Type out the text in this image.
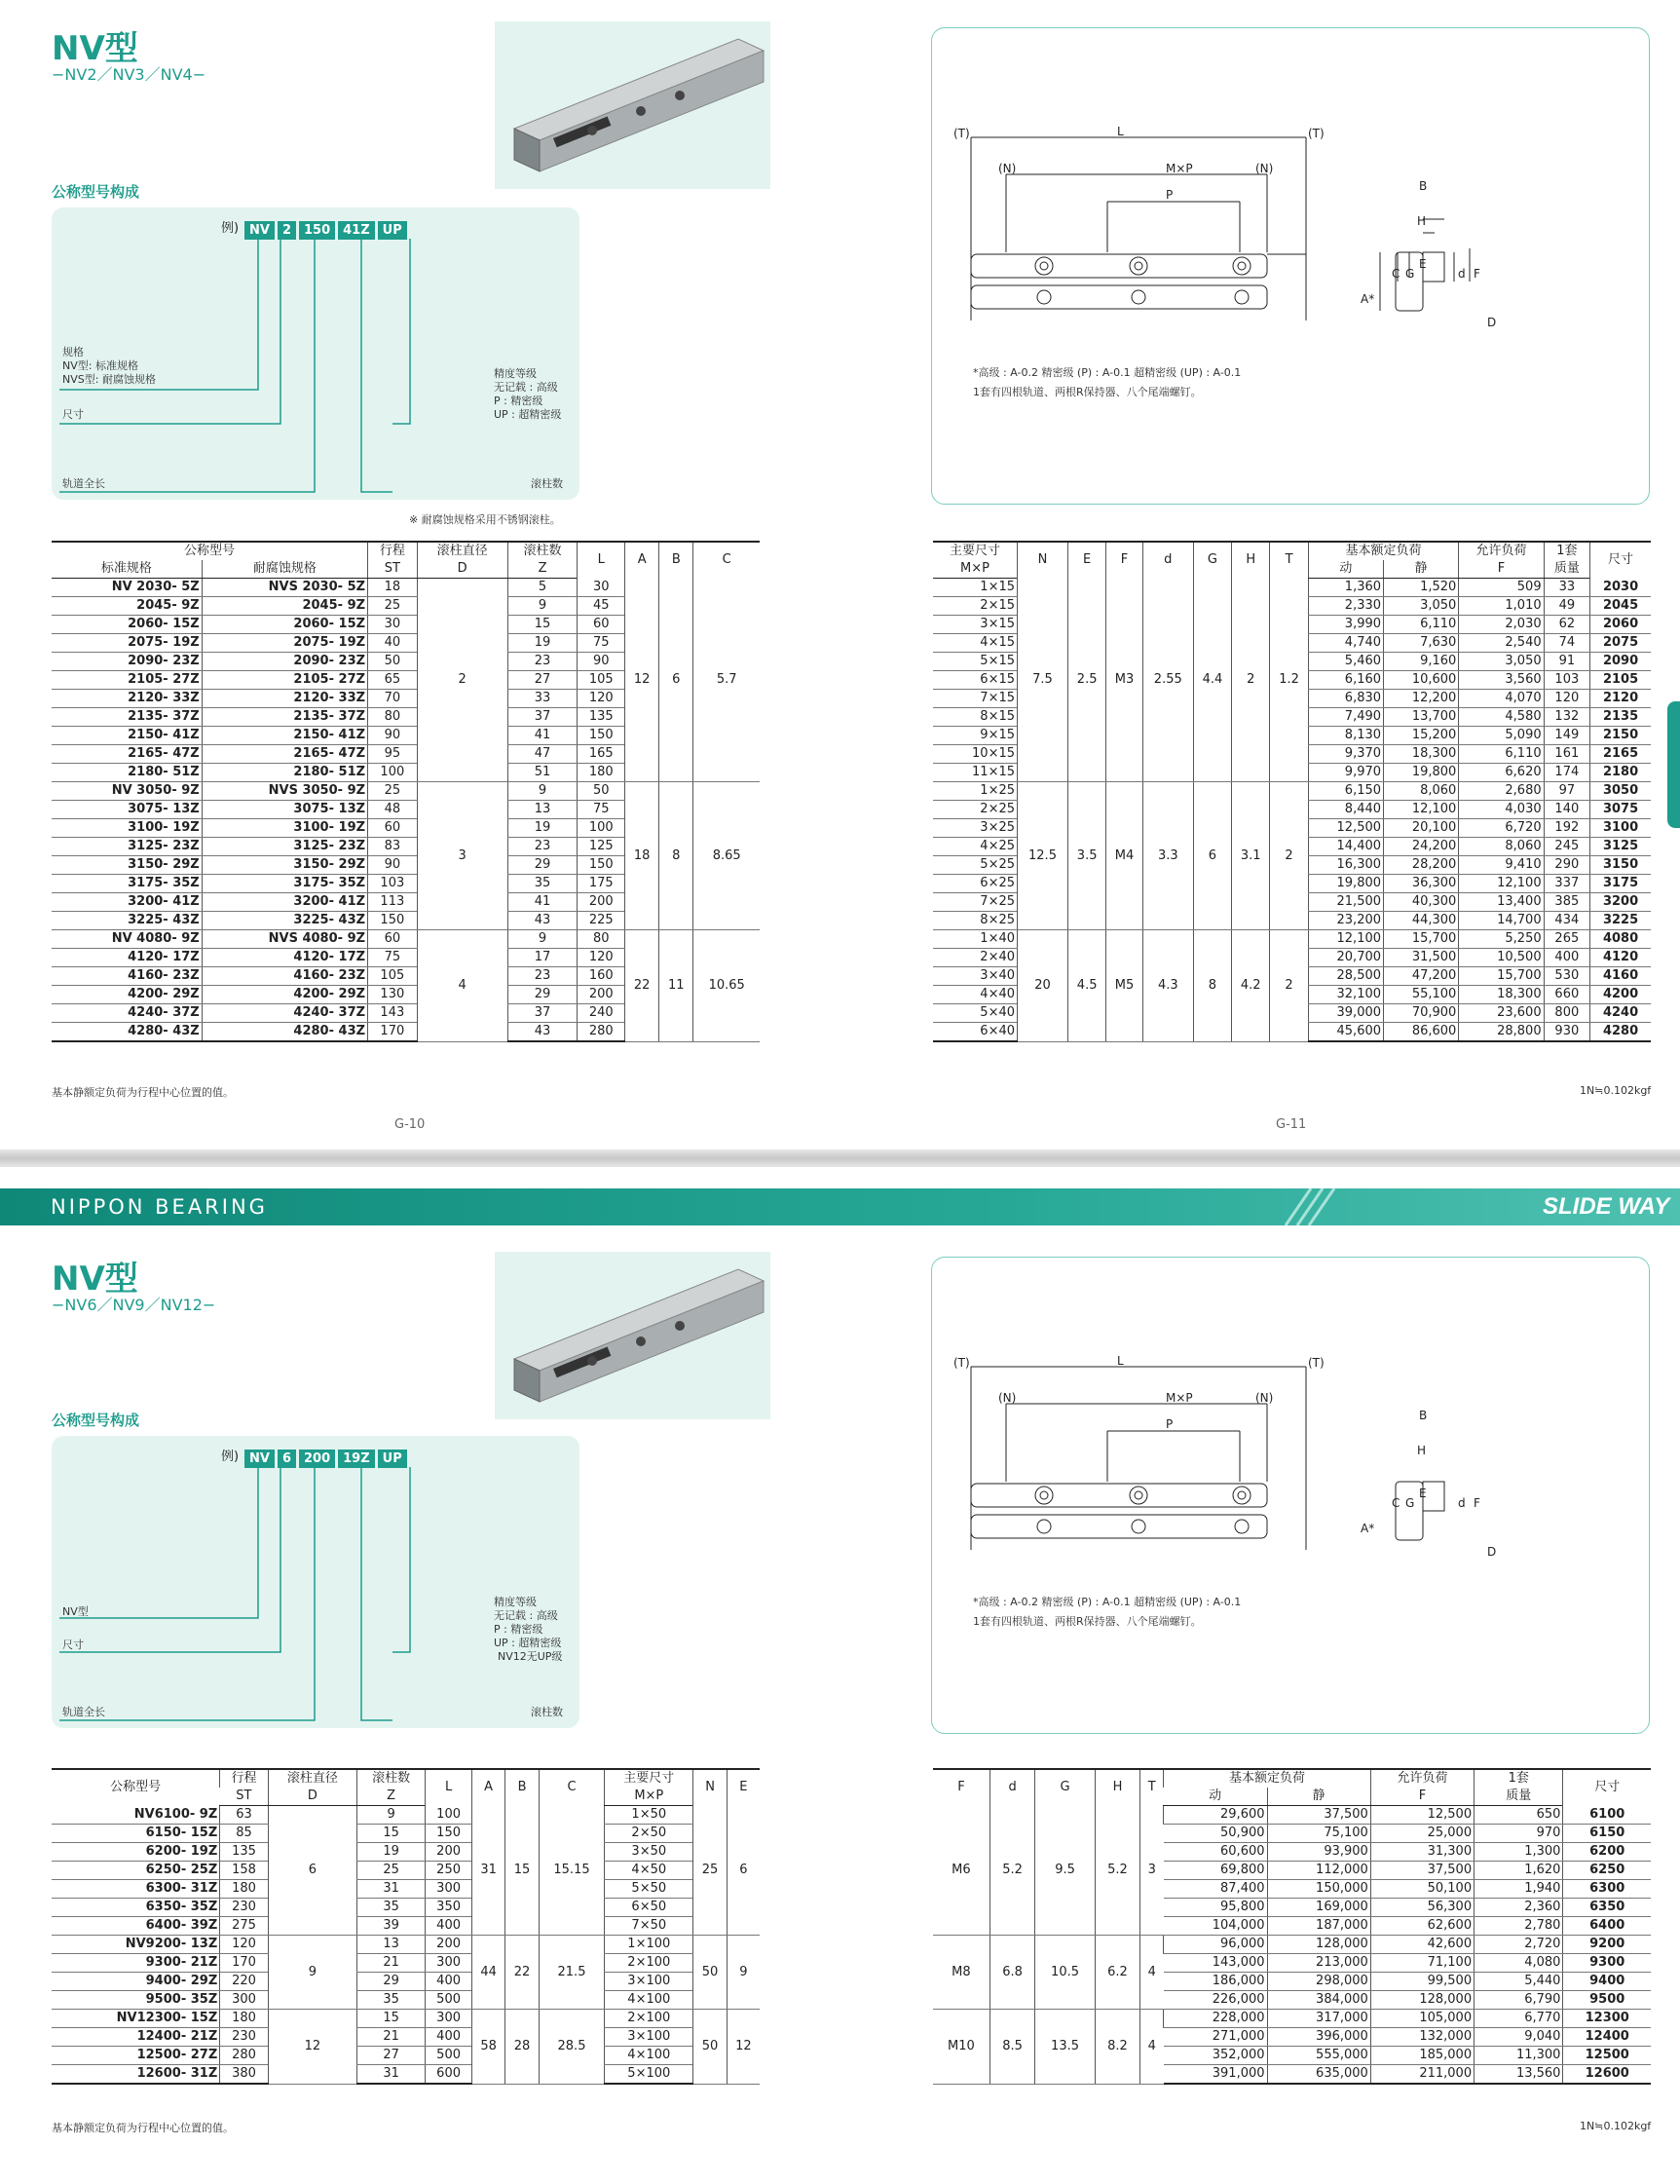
NV型
−NV2／NV3／NV4−
公称型号构成
例) NV 2 150 41Z UP
规格
NV型: 标准规格
NVS型: 耐腐蚀规格
尺寸
轨道全长	滚柱数
精度等级
无记载 : 高级
P : 精密级
UP : 超精密级
※ 耐腐蚀规格采用不锈钢滚柱。
(T)	(T)
L
(N)	M×P	(N)
P
B
H
A*
C G
E
d F
D
*高级 : A-0.2 精密级 (P) : A-0.1 超精密级 (UP) : A-0.1
1套有四根轨道、两根R保持器、八个尾端螺钉。
公称型号		行程	滚柱直径	滚柱数	L	A	B	C
标准规格	耐腐蚀规格	ST	D	Z				
NV 2030- 5Z	NVS 2030- 5Z	18	2	5	30	12	6	5.7
2045- 9Z	2045- 9Z	25		9	45			
2060- 15Z	2060- 15Z	30		15	60			
2075- 19Z	2075- 19Z	40		19	75			
2090- 23Z	2090- 23Z	50		23	90			
2105- 27Z	2105- 27Z	65		27	105			
2120- 33Z	2120- 33Z	70		33	120			
2135- 37Z	2135- 37Z	80		37	135			
2150- 41Z	2150- 41Z	90		41	150			
2165- 47Z	2165- 47Z	95		47	165			
2180- 51Z	2180- 51Z	100		51	180			
NV 3050- 9Z	NVS 3050- 9Z	25	3	9	50	18	8	8.65
3075- 13Z	3075- 13Z	48		13	75			
3100- 19Z	3100- 19Z	60		19	100			
3125- 23Z	3125- 23Z	83		23	125			
3150- 29Z	3150- 29Z	90		29	150			
3175- 35Z	3175- 35Z	103		35	175			
3200- 41Z	3200- 41Z	113		41	200			
3225- 43Z	3225- 43Z	150		43	225			
NV 4080- 9Z	NVS 4080- 9Z	60	4	9	80	22	11	10.65
4120- 17Z	4120- 17Z	75		17	120			
4160- 23Z	4160- 23Z	105		23	160			
4200- 29Z	4200- 29Z	130		29	200			
4240- 37Z	4240- 37Z	143		37	240			
4280- 43Z	4280- 43Z	170		43	280			
主要尺寸	N	E	F	d	G	H	T	基本额定负荷		允许负荷	1套	尺寸
M×P								动	静	F	质量	
1×15	7.5	2.5	M3	2.55	4.4	2	1.2	1,360	1,520	509	33	2030
2×15								2,330	3,050	1,010	49	2045
3×15								3,990	6,110	2,030	62	2060
4×15								4,740	7,630	2,540	74	2075
5×15								5,460	9,160	3,050	91	2090
6×15								6,160	10,600	3,560	103	2105
7×15								6,830	12,200	4,070	120	2120
8×15								7,490	13,700	4,580	132	2135
9×15								8,130	15,200	5,090	149	2150
10×15								9,370	18,300	6,110	161	2165
11×15								9,970	19,800	6,620	174	2180
1×25	12.5	3.5	M4	3.3	6	3.1	2	6,150	8,060	2,680	97	3050
2×25								8,440	12,100	4,030	140	3075
3×25								12,500	20,100	6,720	192	3100
4×25								14,400	24,200	8,060	245	3125
5×25								16,300	28,200	9,410	290	3150
6×25								19,800	36,300	12,100	337	3175
7×25								21,500	40,300	13,400	385	3200
8×25								23,200	44,300	14,700	434	3225
1×40	20	4.5	M5	4.3	8	4.2	2	12,100	15,700	5,250	265	4080
2×40								20,700	31,500	10,500	400	4120
3×40								28,500	47,200	15,700	530	4160
4×40								32,100	55,100	18,300	660	4200
5×40								39,000	70,900	23,600	800	4240
6×40								45,600	86,600	28,800	930	4280
基本静额定负荷为行程中心位置的值。	1N≒0.102kgf
G-10	G-11
NIPPON BEARING	SLIDE WAY
NV型
−NV6／NV9／NV12−
公称型号构成
例) NV 6 200 19Z UP
NV型
尺寸
轨道全长	滚柱数
精度等级
无记载 : 高级
P : 精密级
UP : 超精密级
NV12无UP级
(T)	(T)
L
(N)	M×P	(N)
P
B
H
A*
C G
E
d F
D
*高级 : A-0.2 精密级 (P) : A-0.1 超精密级 (UP) : A-0.1
1套有四根轨道、两根R保持器、八个尾端螺钉。
公称型号	行程	滚柱直径	滚柱数	L	A	B	C	主要尺寸	N	E
	ST	D	Z					M×P		
NV6100- 9Z	63	6	9	100	31	15	15.15	1×50	25	6
6150- 15Z	85		15	150				2×50		
6200- 19Z	135		19	200				3×50		
6250- 25Z	158		25	250				4×50		
6300- 31Z	180		31	300				5×50		
6350- 35Z	230		35	350				6×50		
6400- 39Z	275		39	400				7×50		
NV9200- 13Z	120	9	13	200	44	22	21.5	1×100	50	9
9300- 21Z	170		21	300				2×100		
9400- 29Z	220		29	400				3×100		
9500- 35Z	300		35	500				4×100		
NV12300- 15Z	180	12	15	300	58	28	28.5	2×100	50	12
12400- 21Z	230		21	400				3×100		
12500- 27Z	280		27	500				4×100		
12600- 31Z	380		31	600				5×100		
F	d	G	H	T	基本额定负荷		允许负荷	1套	尺寸
					动	静	F	质量	
M6	5.2	9.5	5.2	3	29,600	37,500	12,500	650	6100
					50,900	75,100	25,000	970	6150
					60,600	93,900	31,300	1,300	6200
					69,800	112,000	37,500	1,620	6250
					87,400	150,000	50,100	1,940	6300
					95,800	169,000	56,300	2,360	6350
					104,000	187,000	62,600	2,780	6400
M8	6.8	10.5	6.2	4	96,000	128,000	42,600	2,720	9200
					143,000	213,000	71,100	4,080	9300
					186,000	298,000	99,500	5,440	9400
					226,000	384,000	128,000	6,790	9500
M10	8.5	13.5	8.2	4	228,000	317,000	105,000	6,770	12300
					271,000	396,000	132,000	9,040	12400
					352,000	555,000	185,000	11,300	12500
					391,000	635,000	211,000	13,560	12600
基本静额定负荷为行程中心位置的值。	1N≒0.102kgf
